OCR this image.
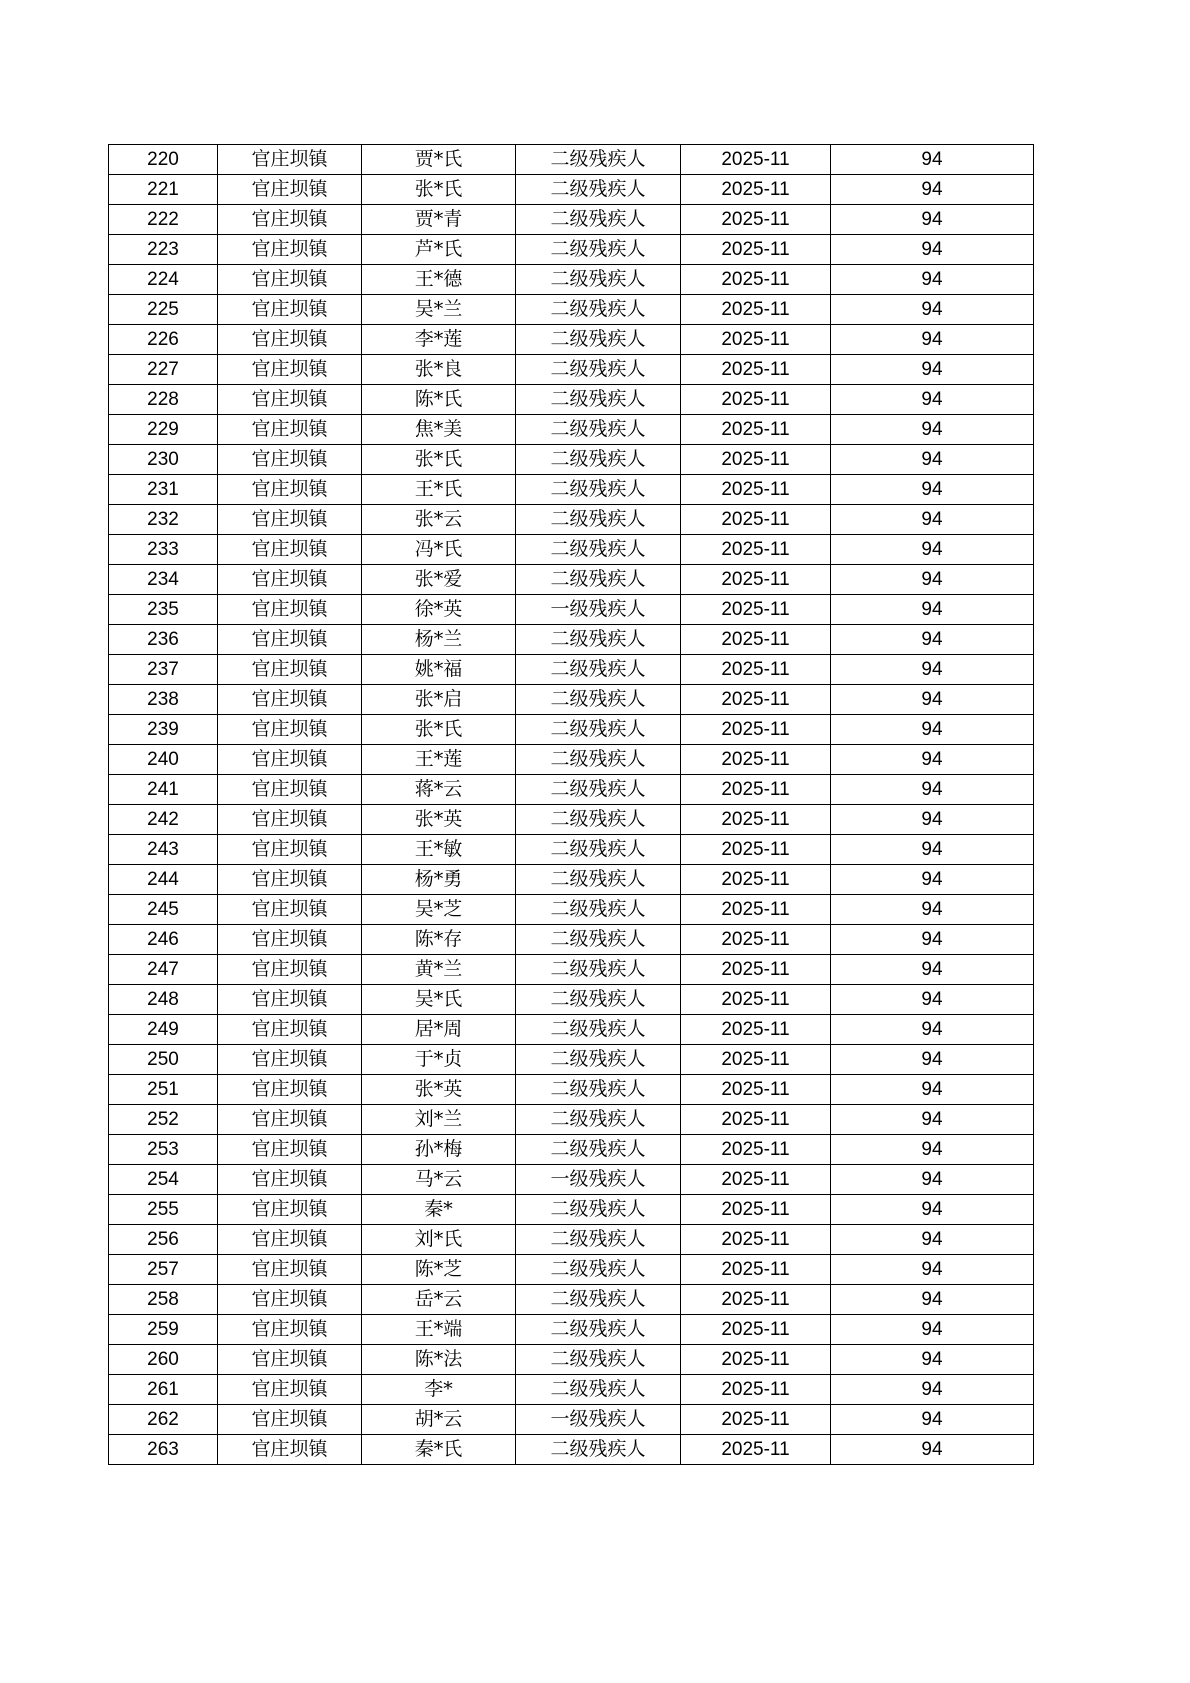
220	官庄坝镇	贾*氏	二级残疾人	2025-11	94
221	官庄坝镇	张*氏	二级残疾人	2025-11	94
222	官庄坝镇	贾*青	二级残疾人	2025-11	94
223	官庄坝镇	芦*氏	二级残疾人	2025-11	94
224	官庄坝镇	王*德	二级残疾人	2025-11	94
225	官庄坝镇	吴*兰	二级残疾人	2025-11	94
226	官庄坝镇	李*莲	二级残疾人	2025-11	94
227	官庄坝镇	张*良	二级残疾人	2025-11	94
228	官庄坝镇	陈*氏	二级残疾人	2025-11	94
229	官庄坝镇	焦*美	二级残疾人	2025-11	94
230	官庄坝镇	张*氏	二级残疾人	2025-11	94
231	官庄坝镇	王*氏	二级残疾人	2025-11	94
232	官庄坝镇	张*云	二级残疾人	2025-11	94
233	官庄坝镇	冯*氏	二级残疾人	2025-11	94
234	官庄坝镇	张*爱	二级残疾人	2025-11	94
235	官庄坝镇	徐*英	一级残疾人	2025-11	94
236	官庄坝镇	杨*兰	二级残疾人	2025-11	94
237	官庄坝镇	姚*福	二级残疾人	2025-11	94
238	官庄坝镇	张*启	二级残疾人	2025-11	94
239	官庄坝镇	张*氏	二级残疾人	2025-11	94
240	官庄坝镇	王*莲	二级残疾人	2025-11	94
241	官庄坝镇	蒋*云	二级残疾人	2025-11	94
242	官庄坝镇	张*英	二级残疾人	2025-11	94
243	官庄坝镇	王*敏	二级残疾人	2025-11	94
244	官庄坝镇	杨*勇	二级残疾人	2025-11	94
245	官庄坝镇	吴*芝	二级残疾人	2025-11	94
246	官庄坝镇	陈*存	二级残疾人	2025-11	94
247	官庄坝镇	黄*兰	二级残疾人	2025-11	94
248	官庄坝镇	吴*氏	二级残疾人	2025-11	94
249	官庄坝镇	居*周	二级残疾人	2025-11	94
250	官庄坝镇	于*贞	二级残疾人	2025-11	94
251	官庄坝镇	张*英	二级残疾人	2025-11	94
252	官庄坝镇	刘*兰	二级残疾人	2025-11	94
253	官庄坝镇	孙*梅	二级残疾人	2025-11	94
254	官庄坝镇	马*云	一级残疾人	2025-11	94
255	官庄坝镇	秦*	二级残疾人	2025-11	94
256	官庄坝镇	刘*氏	二级残疾人	2025-11	94
257	官庄坝镇	陈*芝	二级残疾人	2025-11	94
258	官庄坝镇	岳*云	二级残疾人	2025-11	94
259	官庄坝镇	王*端	二级残疾人	2025-11	94
260	官庄坝镇	陈*法	二级残疾人	2025-11	94
261	官庄坝镇	李*	二级残疾人	2025-11	94
262	官庄坝镇	胡*云	一级残疾人	2025-11	94
263	官庄坝镇	秦*氏	二级残疾人	2025-11	94
